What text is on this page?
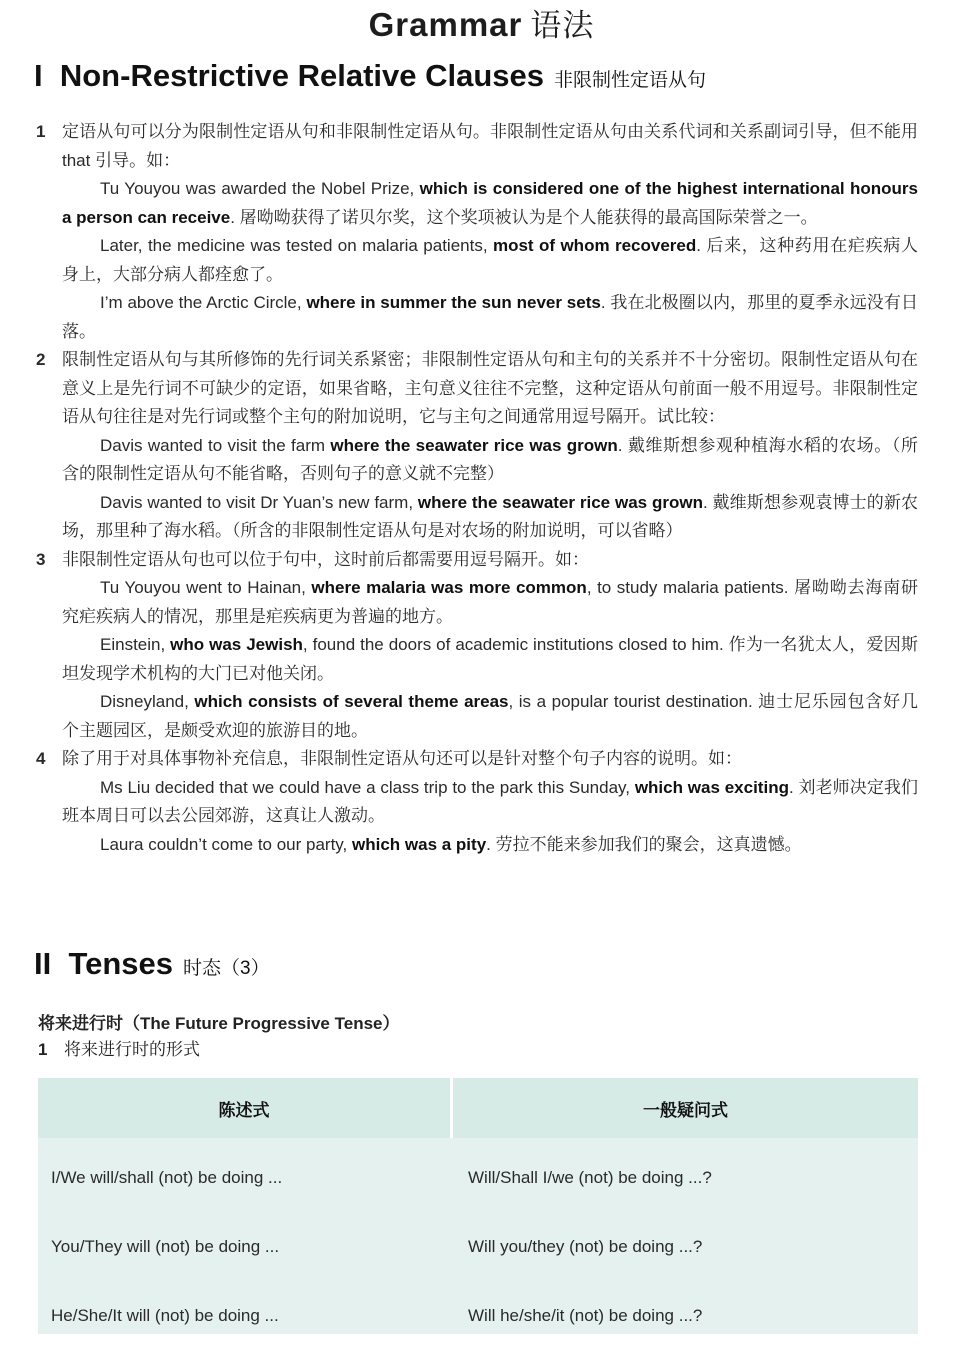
Grammar 语法
I Non-Restrictive Relative Clauses 非限制性定语从句
1 定语从句可以分为限制性定语从句和非限制性定语从句。非限制性定语从句由关系代词和关系副词引导，但不能用 that 引导。如：
Tu Youyou was awarded the Nobel Prize, which is considered one of the highest international honours a person can receive. 屠呦呦获得了诺贝尔奖，这个奖项被认为是个人能获得的最高国际荣誉之一。
Later, the medicine was tested on malaria patients, most of whom recovered. 后来，这种药用在疟疾病人身上，大部分病人都痊愈了。
I’m above the Arctic Circle, where in summer the sun never sets. 我在北极圈以内，那里的夏季永远没有日落。
2 限制性定语从句与其所修饰的先行词关系紧密；非限制性定语从句和主句的关系并不十分密切。限制性定语从句在意义上是先行词不可缺少的定语，如果省略，主句意义往往不完整，这种定语从句前面一般不用逗号。非限制性定语从句往往是对先行词或整个主句的附加说明，它与主句之间通常用逗号隔开。试比较：
Davis wanted to visit the farm where the seawater rice was grown. 戴维斯想参观种植海水稻的农场。（所含的限制性定语从句不能省略，否则句子的意义就不完整）
Davis wanted to visit Dr Yuan’s new farm, where the seawater rice was grown. 戴维斯想参观袁博士的新农场，那里种了海水稻。（所含的非限制性定语从句是对农场的附加说明，可以省略）
3 非限制性定语从句也可以位于句中，这时前后都需要用逗号隔开。如：
Tu Youyou went to Hainan, where malaria was more common, to study malaria patients. 屠呦呦去海南研究疟疾病人的情况，那里是疟疾病更为普遍的地方。
Einstein, who was Jewish, found the doors of academic institutions closed to him. 作为一名犹太人，爱因斯坦发现学术机构的大门已对他关闭。
Disneyland, which consists of several theme areas, is a popular tourist destination. 迪士尼乐园包含好几个主题园区，是颇受欢迎的旅游目的地。
4 除了用于对具体事物补充信息，非限制性定语从句还可以是针对整个句子内容的说明。如：
Ms Liu decided that we could have a class trip to the park this Sunday, which was exciting. 刘老师决定我们班本周日可以去公园郊游，这真让人激动。
Laura couldn’t come to our party, which was a pity. 劳拉不能来参加我们的聚会，这真遗憾。
II Tenses 时态（3）
将来进行时（The Future Progressive Tense）
1 将来进行时的形式
陈述式	一般疑问式
I/We will/shall (not) be doing ...	Will/Shall I/we (not) be doing ...?
You/They will (not) be doing ...	Will you/they (not) be doing ...?
He/She/It will (not) be doing ...	Will he/she/it (not) be doing ...?
